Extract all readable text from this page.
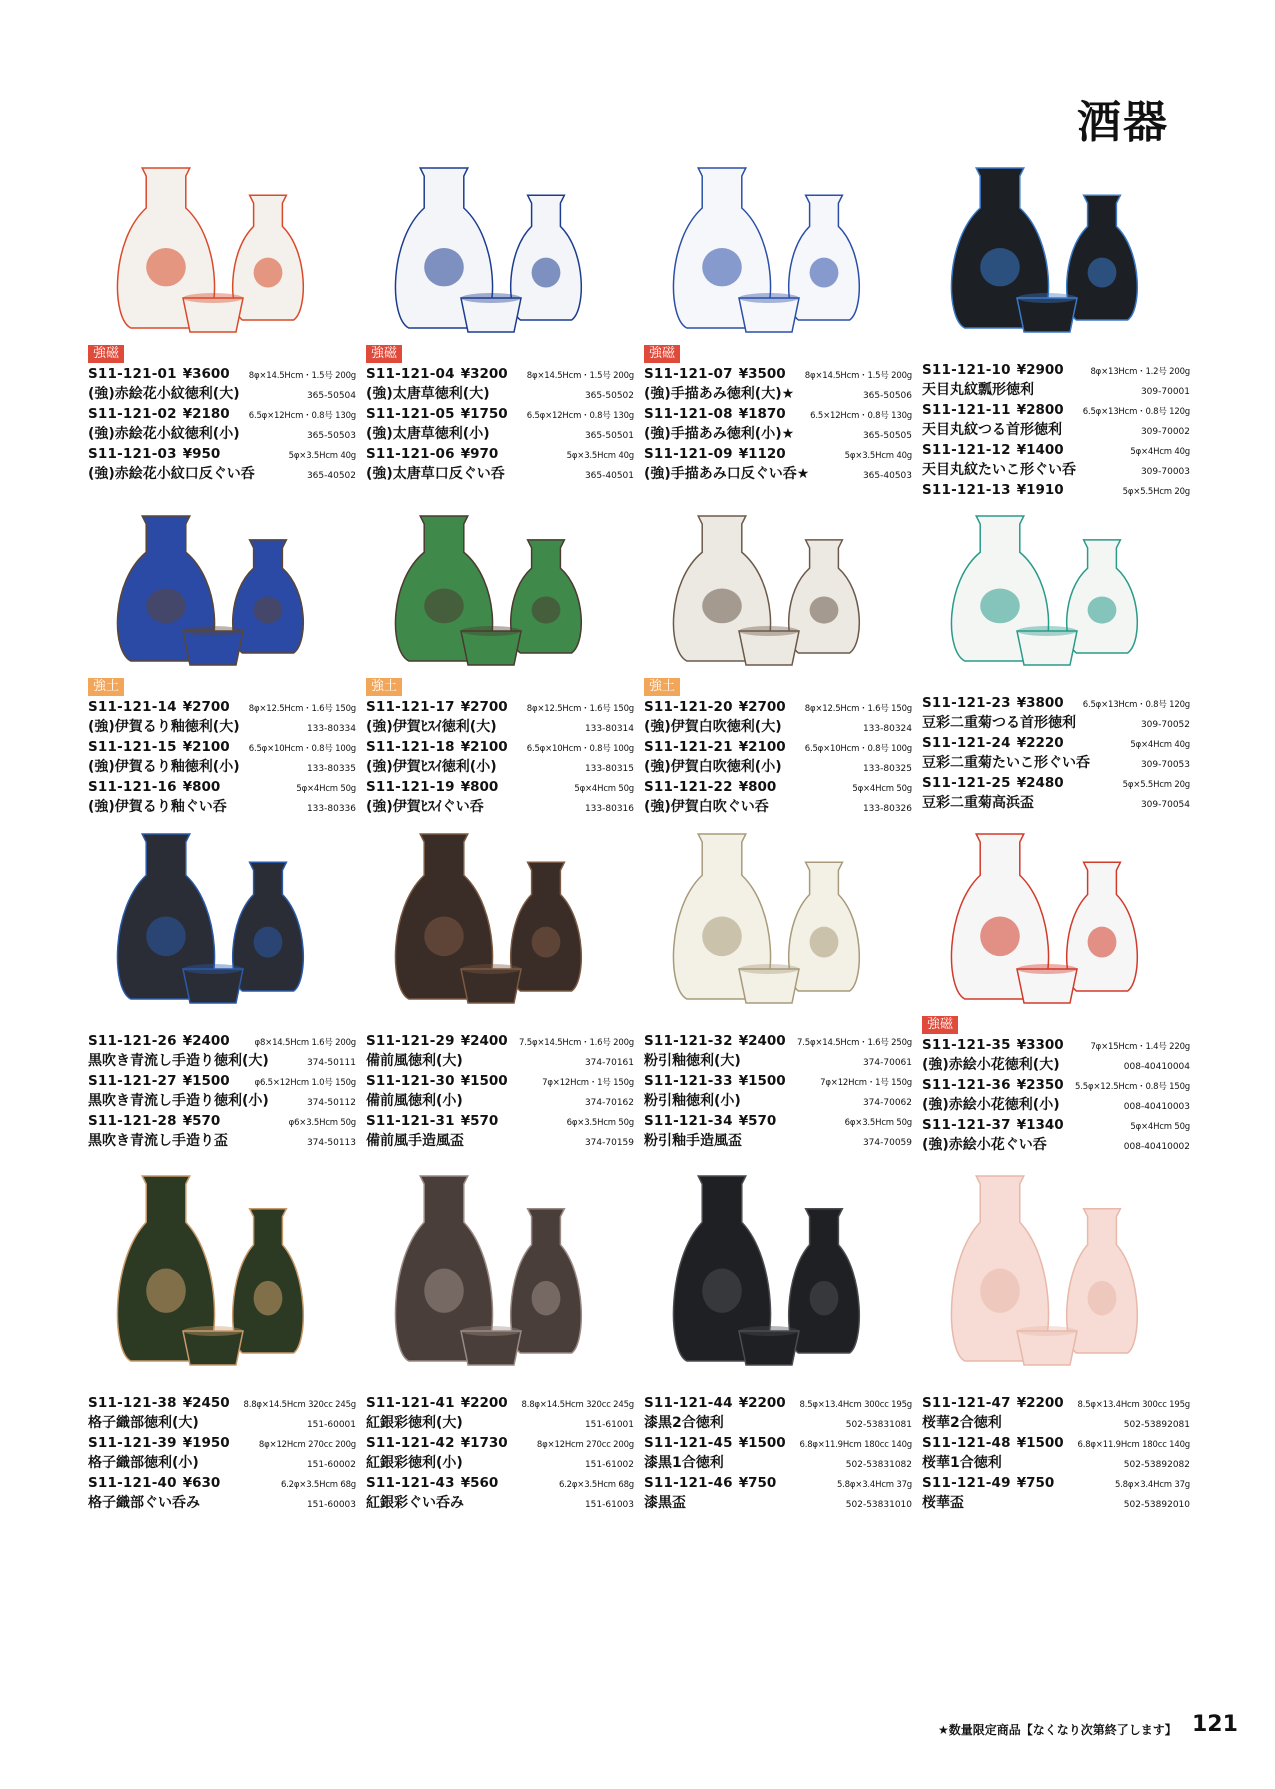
酒器
強磁
S11-121-01 ¥3600 8φ×14.5Hcm・1.5号 200g
(強)赤絵花小紋徳利(大)	365-50504
S11-121-02 ¥2180 6.5φ×12Hcm・0.8号 130g
(強)赤絵花小紋徳利(小)	365-50503
S11-121-03 ¥950	5φ×3.5Hcm 40g
(強)赤絵花小紋口反ぐい呑	365-40502
強磁
S11-121-04 ¥3200 8φ×14.5Hcm・1.5号 200g
(強)太唐草徳利(大)	365-50502
S11-121-05 ¥1750 6.5φ×12Hcm・0.8号 130g
(強)太唐草徳利(小)	365-50501
S11-121-06 ¥970	5φ×3.5Hcm 40g
(強)太唐草口反ぐい呑	365-40501
強磁
S11-121-07 ¥3500 8φ×14.5Hcm・1.5号 200g
(強)手描あみ徳利(大)★	365-50506
S11-121-08 ¥1870	6.5×12Hcm・0.8号 130g
(強)手描あみ徳利(小)★	365-50505
S11-121-09 ¥1120	5φ×3.5Hcm 40g
(強)手描あみ口反ぐい呑★	365-40503
S11-121-10 ¥2900	8φ×13Hcm・1.2号 200g
天目丸紋瓢形徳利	309-70001
S11-121-11 ¥2800 6.5φ×13Hcm・0.8号 120g
天目丸紋つる首形徳利	309-70002
S11-121-12 ¥1400	5φ×4Hcm 40g
天目丸紋たいこ形ぐい呑	309-70003
S11-121-13 ¥1910	5φ×5.5Hcm 20g
強土
S11-121-14 ¥2700 8φ×12.5Hcm・1.6号 150g
(強)伊賀るり釉徳利(大)	133-80334
S11-121-15 ¥2100 6.5φ×10Hcm・0.8号 100g
(強)伊賀るり釉徳利(小)	133-80335
S11-121-16 ¥800	5φ×4Hcm 50g
(強)伊賀るり釉ぐい呑	133-80336
強土
S11-121-17 ¥2700 8φ×12.5Hcm・1.6号 150g
(強)伊賀ﾋｽｲ徳利(大)	133-80314
S11-121-18 ¥2100 6.5φ×10Hcm・0.8号 100g
(強)伊賀ﾋｽｲ徳利(小)	133-80315
S11-121-19 ¥800	5φ×4Hcm 50g
(強)伊賀ﾋｽｲぐい呑	133-80316
強土
S11-121-20 ¥2700 8φ×12.5Hcm・1.6号 150g
(強)伊賀白吹徳利(大)	133-80324
S11-121-21 ¥2100 6.5φ×10Hcm・0.8号 100g
(強)伊賀白吹徳利(小)	133-80325
S11-121-22 ¥800	5φ×4Hcm 50g
(強)伊賀白吹ぐい呑	133-80326
S11-121-23 ¥3800 6.5φ×13Hcm・0.8号 120g
豆彩二重菊つる首形徳利	309-70052
S11-121-24 ¥2220	5φ×4Hcm 40g
豆彩二重菊たいこ形ぐい呑	309-70053
S11-121-25 ¥2480	5φ×5.5Hcm 20g
豆彩二重菊高浜盃	309-70054
S11-121-26 ¥2400	φ8×14.5Hcm 1.6号 200g
黒吹き青流し手造り徳利(大)	374-50111
S11-121-27 ¥1500	φ6.5×12Hcm 1.0号 150g
黒吹き青流し手造り徳利(小)	374-50112
S11-121-28 ¥570	φ6×3.5Hcm 50g
黒吹き青流し手造り盃	374-50113
S11-121-29 ¥2400 7.5φ×14.5Hcm・1.6号 200g
備前風徳利(大)	374-70161
S11-121-30 ¥1500	7φ×12Hcm・1号 150g
備前風徳利(小)	374-70162
S11-121-31 ¥570	6φ×3.5Hcm 50g
備前風手造風盃	374-70159
S11-121-32 ¥2400 7.5φ×14.5Hcm・1.6号 250g
粉引釉徳利(大)	374-70061
S11-121-33 ¥1500	7φ×12Hcm・1号 150g
粉引釉徳利(小)	374-70062
S11-121-34 ¥570	6φ×3.5Hcm 50g
粉引釉手造風盃	374-70059
強磁
S11-121-35 ¥3300	7φ×15Hcm・1.4号 220g
(強)赤絵小花徳利(大)	008-40410004
S11-121-36 ¥2350 5.5φ×12.5Hcm・0.8号 150g
(強)赤絵小花徳利(小)	008-40410003
S11-121-37 ¥1340	5φ×4Hcm 50g
(強)赤絵小花ぐい呑	008-40410002
S11-121-38 ¥2450 8.8φ×14.5Hcm 320cc 245g
格子織部徳利(大)	151-60001
S11-121-39 ¥1950	8φ×12Hcm 270cc 200g
格子織部徳利(小)	151-60002
S11-121-40 ¥630	6.2φ×3.5Hcm 68g
格子織部ぐい呑み	151-60003
S11-121-41 ¥2200 8.8φ×14.5Hcm 320cc 245g
紅銀彩徳利(大)	151-61001
S11-121-42 ¥1730	8φ×12Hcm 270cc 200g
紅銀彩徳利(小)	151-61002
S11-121-43 ¥560	6.2φ×3.5Hcm 68g
紅銀彩ぐい呑み	151-61003
S11-121-44 ¥2200 8.5φ×13.4Hcm 300cc 195g
漆黒2合徳利	502-53831081
S11-121-45 ¥1500 6.8φ×11.9Hcm 180cc 140g
漆黒1合徳利	502-53831082
S11-121-46 ¥750	5.8φ×3.4Hcm 37g
漆黒盃	502-53831010
S11-121-47 ¥2200 8.5φ×13.4Hcm 300cc 195g
桜華2合徳利	502-53892081
S11-121-48 ¥1500 6.8φ×11.9Hcm 180cc 140g
桜華1合徳利	502-53892082
S11-121-49 ¥750	5.8φ×3.4Hcm 37g
桜華盃	502-53892010
★数量限定商品【なくなり次第終了します】 121
